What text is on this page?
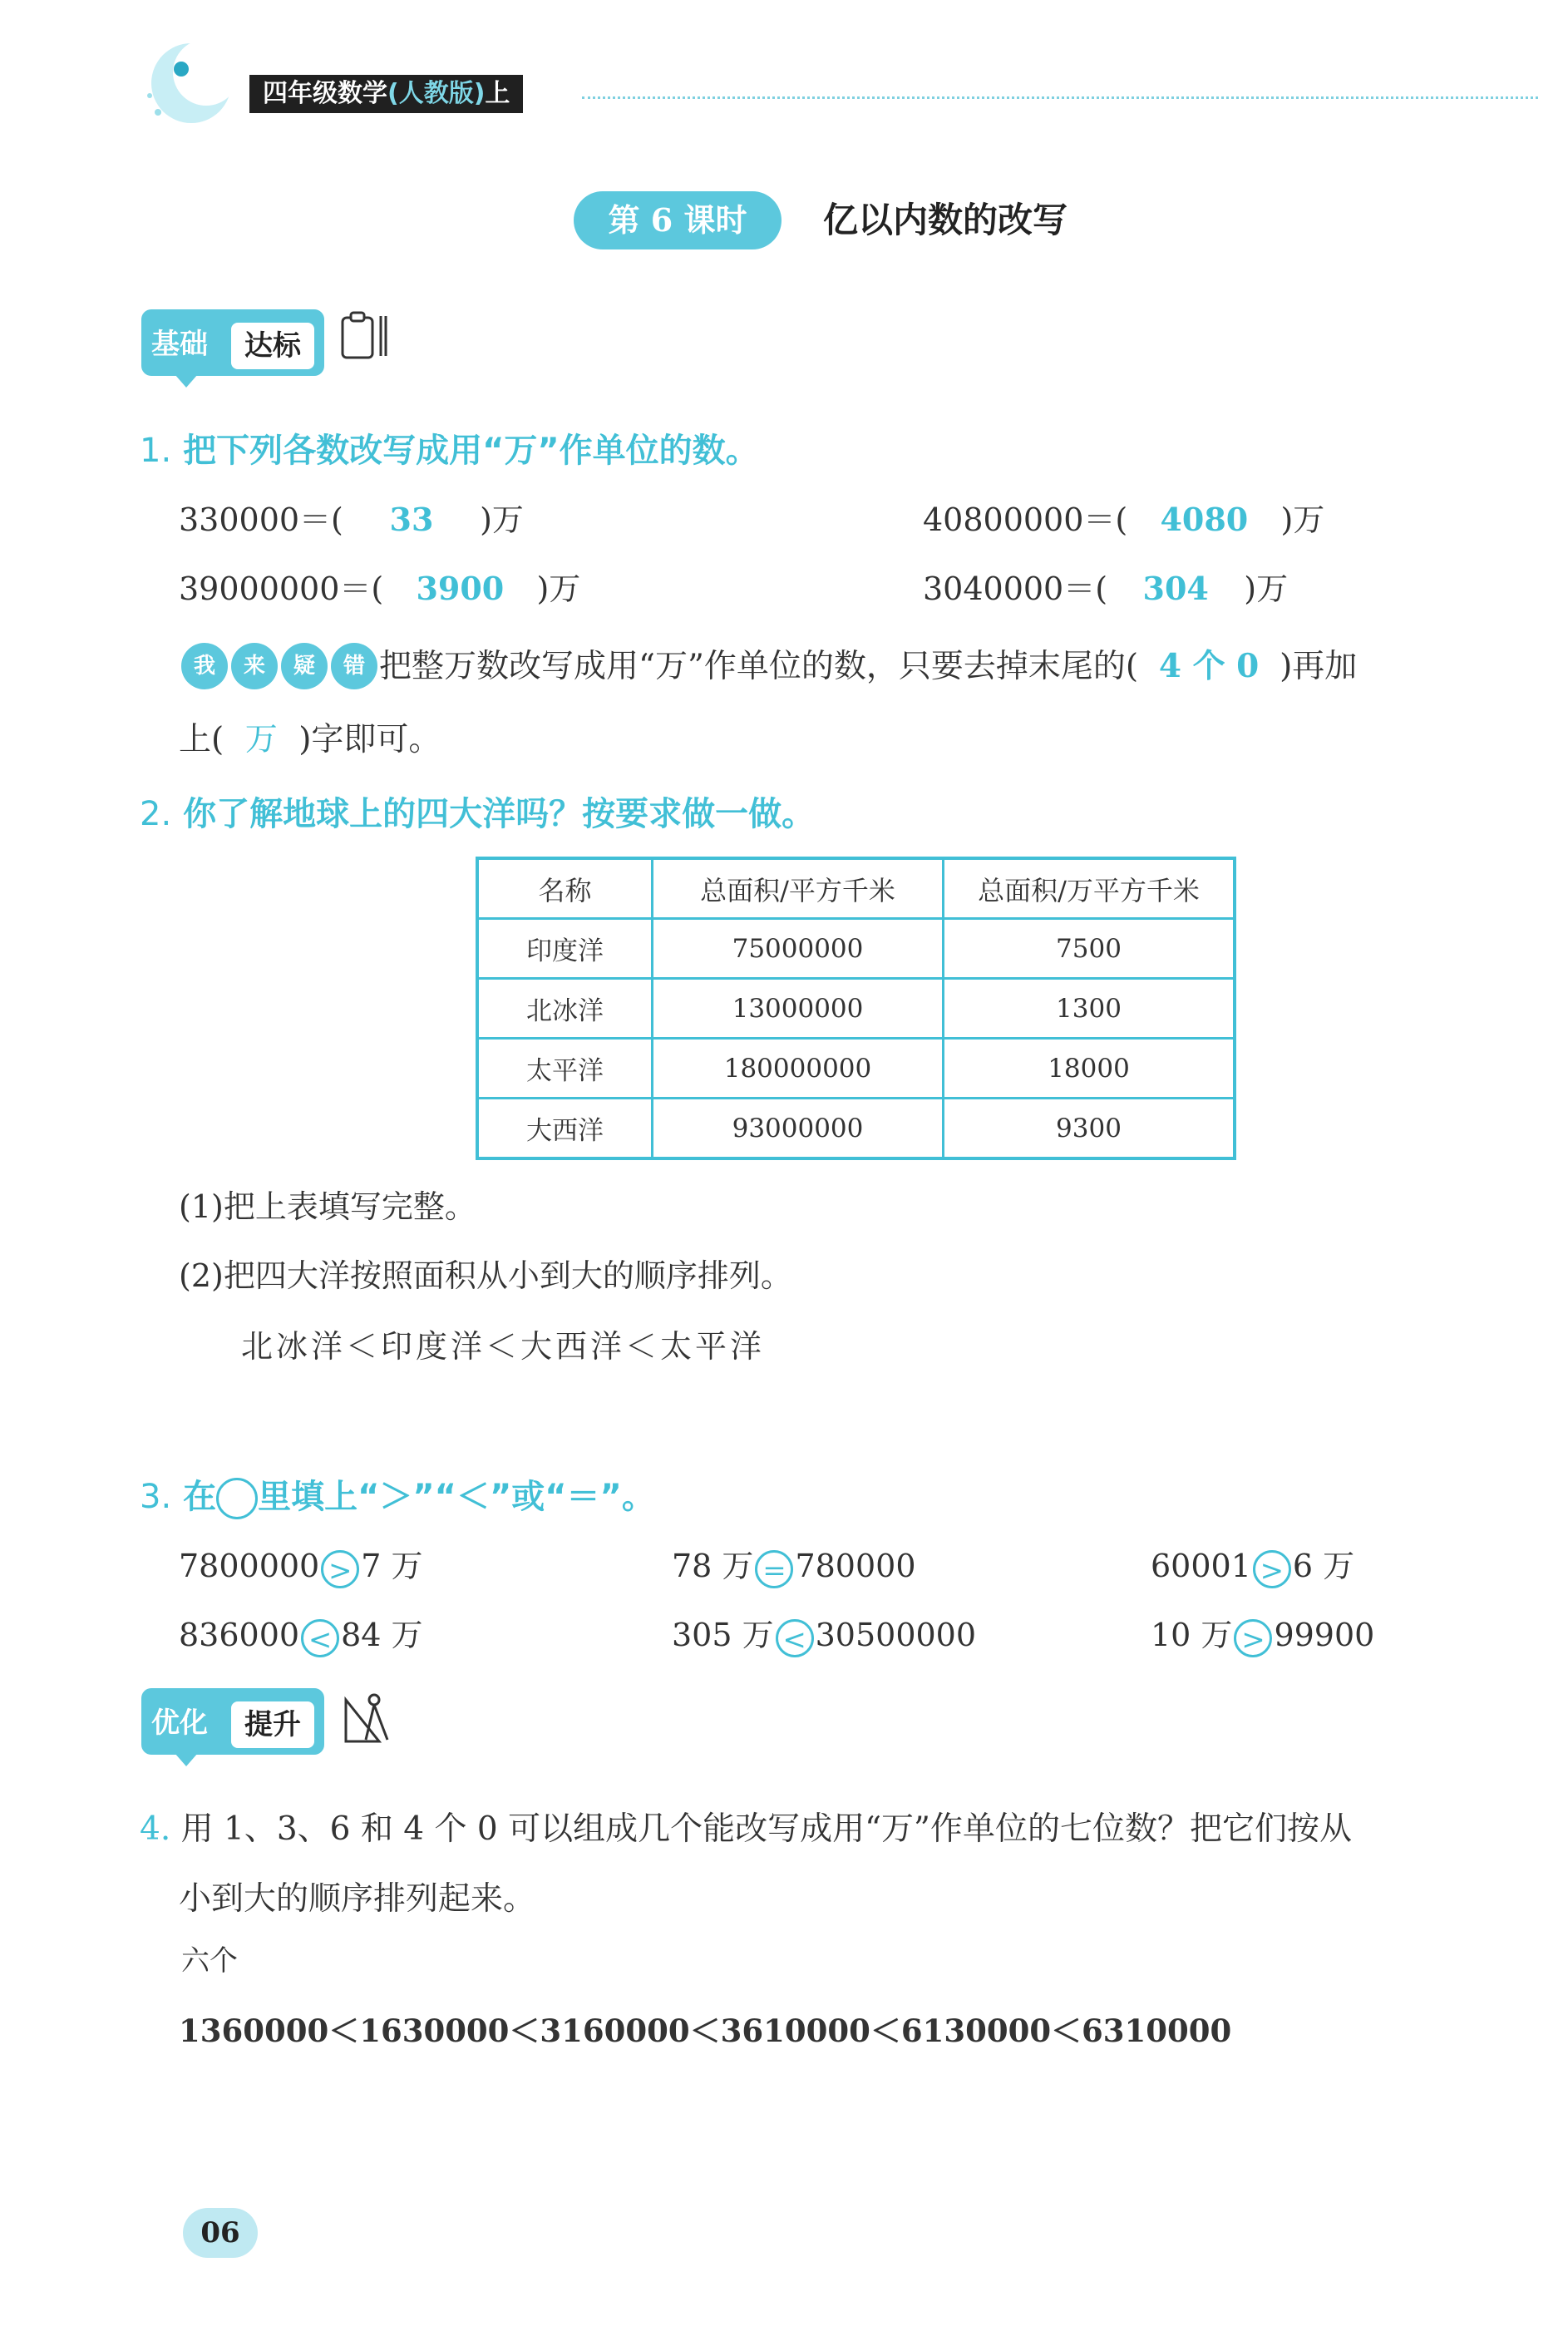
四年级数学(人教版)上
第 6 课时	亿以内数的改写
基础	达标
1. 把下列各数改写成用“万”作单位的数。
330000＝( 33 )万	40800000＝( 4080 )万
39000000＝( 3900 )万	3040000＝( 304 )万
我 来 疑 错 把整万数改写成用“万”作单位的数，只要去掉末尾的( 4 个 0 )再加
上( 万 )字即可。
2. 你了解地球上的四大洋吗？按要求做一做。
名称	总面积/平方千米	总面积/万平方千米
印度洋	75000000	7500
北冰洋	13000000	1300
太平洋	180000000	18000
大西洋	93000000	9300
(1)把上表填写完整。
(2)把四大洋按照面积从小到大的顺序排列。
北冰洋＜印度洋＜大西洋＜太平洋
3. 在 里填上“＞”“＜”或“＝”。
7800000 > 7 万	78 万 = 780000	60001 > 6 万
836000 < 84 万	305 万 < 30500000	10 万 > 99900
优化	提升
4. 用 1、3、6 和 4 个 0 可以组成几个能改写成用“万”作单位的七位数？把它们按从
小到大的顺序排列起来。
六个
1360000＜1630000＜3160000＜3610000＜6130000＜6310000
06
